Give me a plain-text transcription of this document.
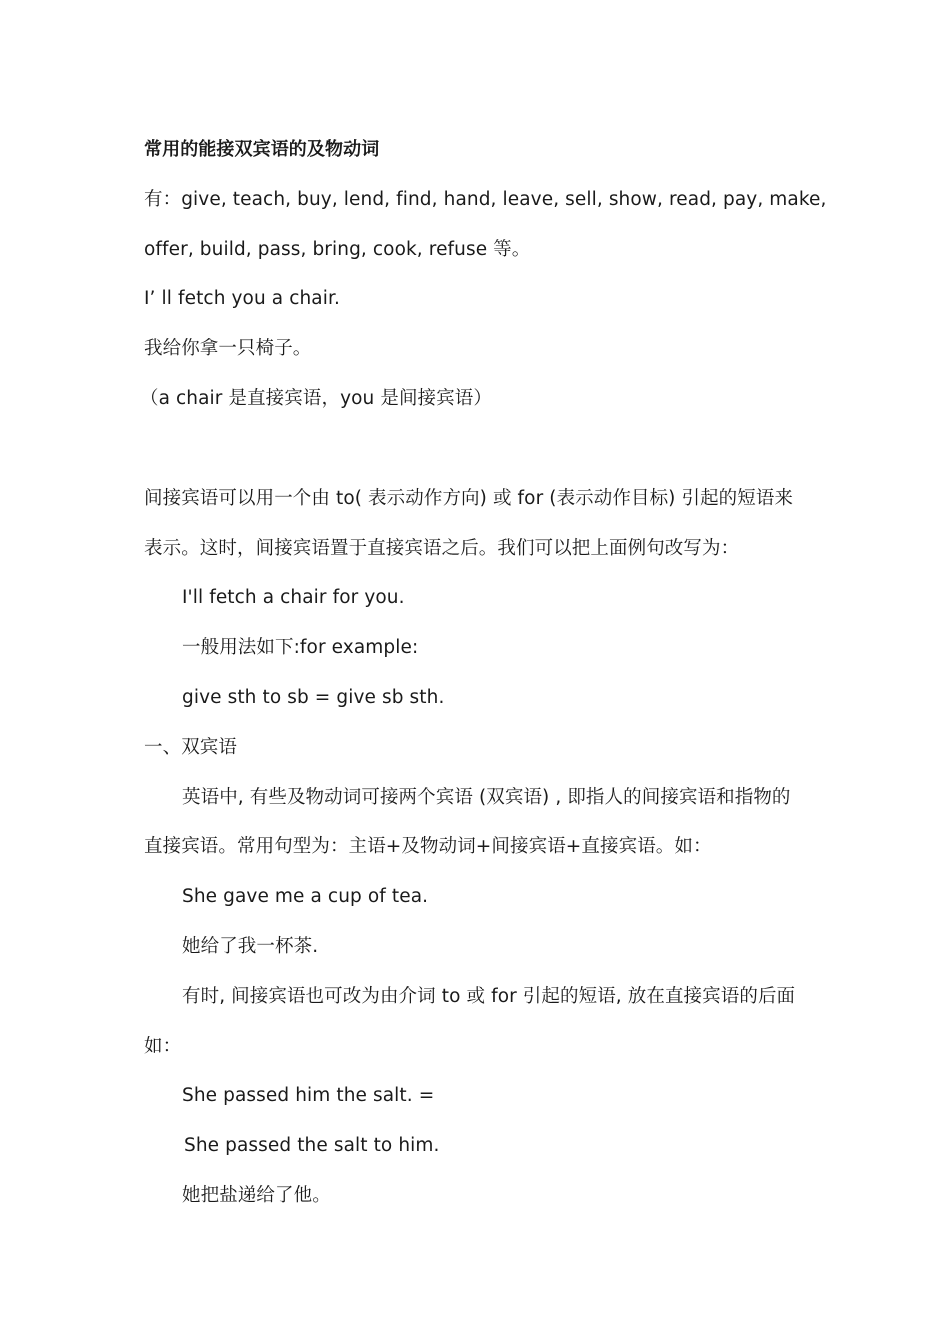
常用的能接双宾语的及物动词
有：give, teach, buy, lend, find, hand, leave, sell, show, read, pay, make,
offer, build, pass, bring, cook, refuse 等。
I’ ll fetch you a chair.
我给你拿一只椅子。
（a chair 是直接宾语，you 是间接宾语）
间接宾语可以用一个由 to( 表示动作方向) 或 for (表示动作目标) 引起的短语来
表示。这时，间接宾语置于直接宾语之后。我们可以把上面例句改写为：
I'll fetch a chair for you.
一般用法如下:for example:
give sth to sb = give sb sth.
一、双宾语
英语中, 有些及物动词可接两个宾语 (双宾语) , 即指人的间接宾语和指物的
直接宾语。常用句型为：主语+及物动词+间接宾语+直接宾语。如：
She gave me a cup of tea.
她给了我一杯茶.
有时, 间接宾语也可改为由介词 to 或 for 引起的短语, 放在直接宾语的后面
如：
She passed him the salt. =
She passed the salt to him.
她把盐递给了他。
